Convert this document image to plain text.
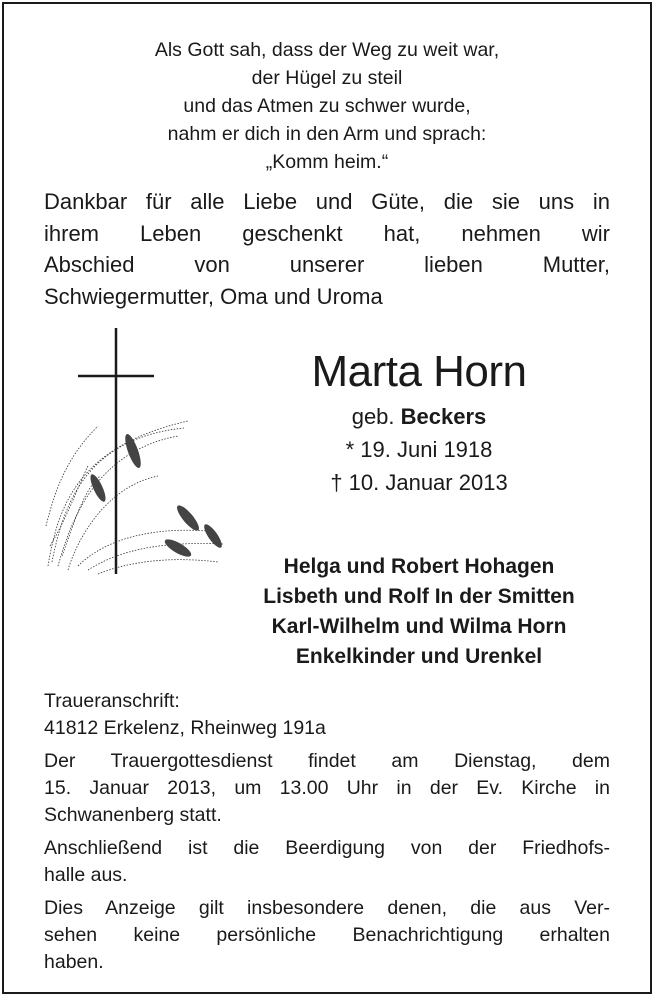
Als Gott sah, dass der Weg zu weit war,
der Hügel zu steil
und das Atmen zu schwer wurde,
nahm er dich in den Arm und sprach:
„Komm heim.“
Dankbar für alle Liebe und Güte, die sie uns in
ihrem Leben geschenkt hat, nehmen wir
Abschied von unserer lieben Mutter,
Schwiegermutter, Oma und Uroma
Marta Horn
geb. Beckers
* 19. Juni 1918
† 10. Januar 2013
Helga und Robert Hohagen
Lisbeth und Rolf In der Smitten
Karl-Wilhelm und Wilma Horn
Enkelkinder und Urenkel
Traueranschrift:
41812 Erkelenz, Rheinweg 191a
Der Trauergottesdienst findet am Dienstag, dem
15. Januar 2013, um 13.00 Uhr in der Ev. Kirche in
Schwanenberg statt.
Anschließend ist die Beerdigung von der Friedhofs-
halle aus.
Dies Anzeige gilt insbesondere denen, die aus Ver-
sehen keine persönliche Benachrichtigung erhalten
haben.
